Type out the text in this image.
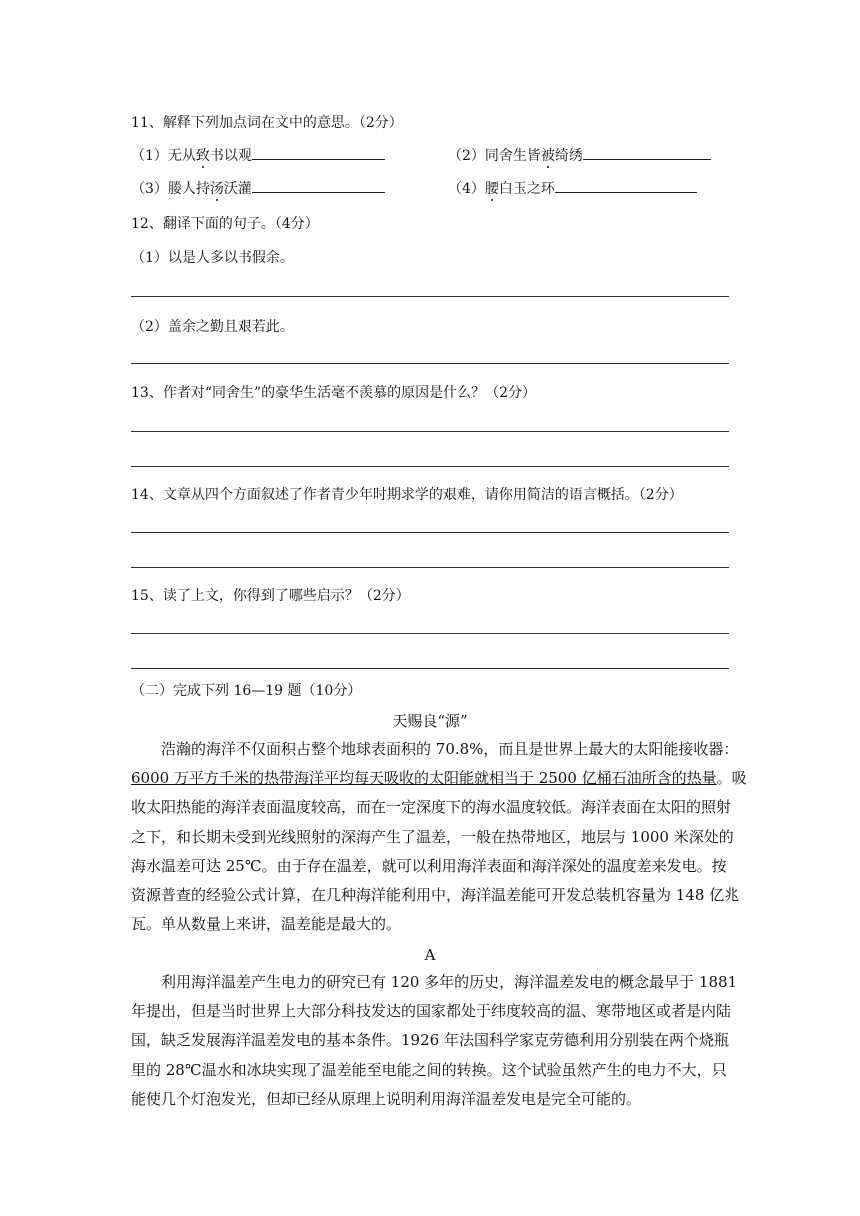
11、解释下列加点词在文中的意思。（2分）
（1）无从致书以观	（2）同舍生皆被绮绣
（3）媵人持汤沃灌	（4）腰白玉之环
12、翻译下面的句子。（4分）
（1）以是人多以书假余。
（2）盖余之勤且艰若此。
13、作者对“同舍生”的豪华生活毫不羡慕的原因是什么？（2分）
14、文章从四个方面叙述了作者青少年时期求学的艰难，请你用简洁的语言概括。（2分）
15、读了上文，你得到了哪些启示？（2分）
（二）完成下列 16—19 题（10分）
天赐良“源”
浩瀚的海洋不仅面积占整个地球表面积的 70.8%，而且是世界上最大的太阳能接收器：
6000 万平方千米的热带海洋平均每天吸收的太阳能就相当于 2500 亿桶石油所含的热量。吸
收太阳热能的海洋表面温度较高，而在一定深度下的海水温度较低。海洋表面在太阳的照射
之下，和长期未受到光线照射的深海产生了温差，一般在热带地区，地层与 1000 米深处的
海水温差可达 25℃。由于存在温差，就可以利用海洋表面和海洋深处的温度差来发电。按
资源普查的经验公式计算，在几种海洋能利用中，海洋温差能可开发总装机容量为 148 亿兆
瓦。单从数量上来讲，温差能是最大的。
A
利用海洋温差产生电力的研究已有 120 多年的历史，海洋温差发电的概念最早于 1881
年提出，但是当时世界上大部分科技发达的国家都处于纬度较高的温、寒带地区或者是内陆
国，缺乏发展海洋温差发电的基本条件。1926 年法国科学家克劳德利用分别装在两个烧瓶
里的 28℃温水和冰块实现了温差能至电能之间的转换。这个试验虽然产生的电力不大，只
能使几个灯泡发光，但却已经从原理上说明利用海洋温差发电是完全可能的。
